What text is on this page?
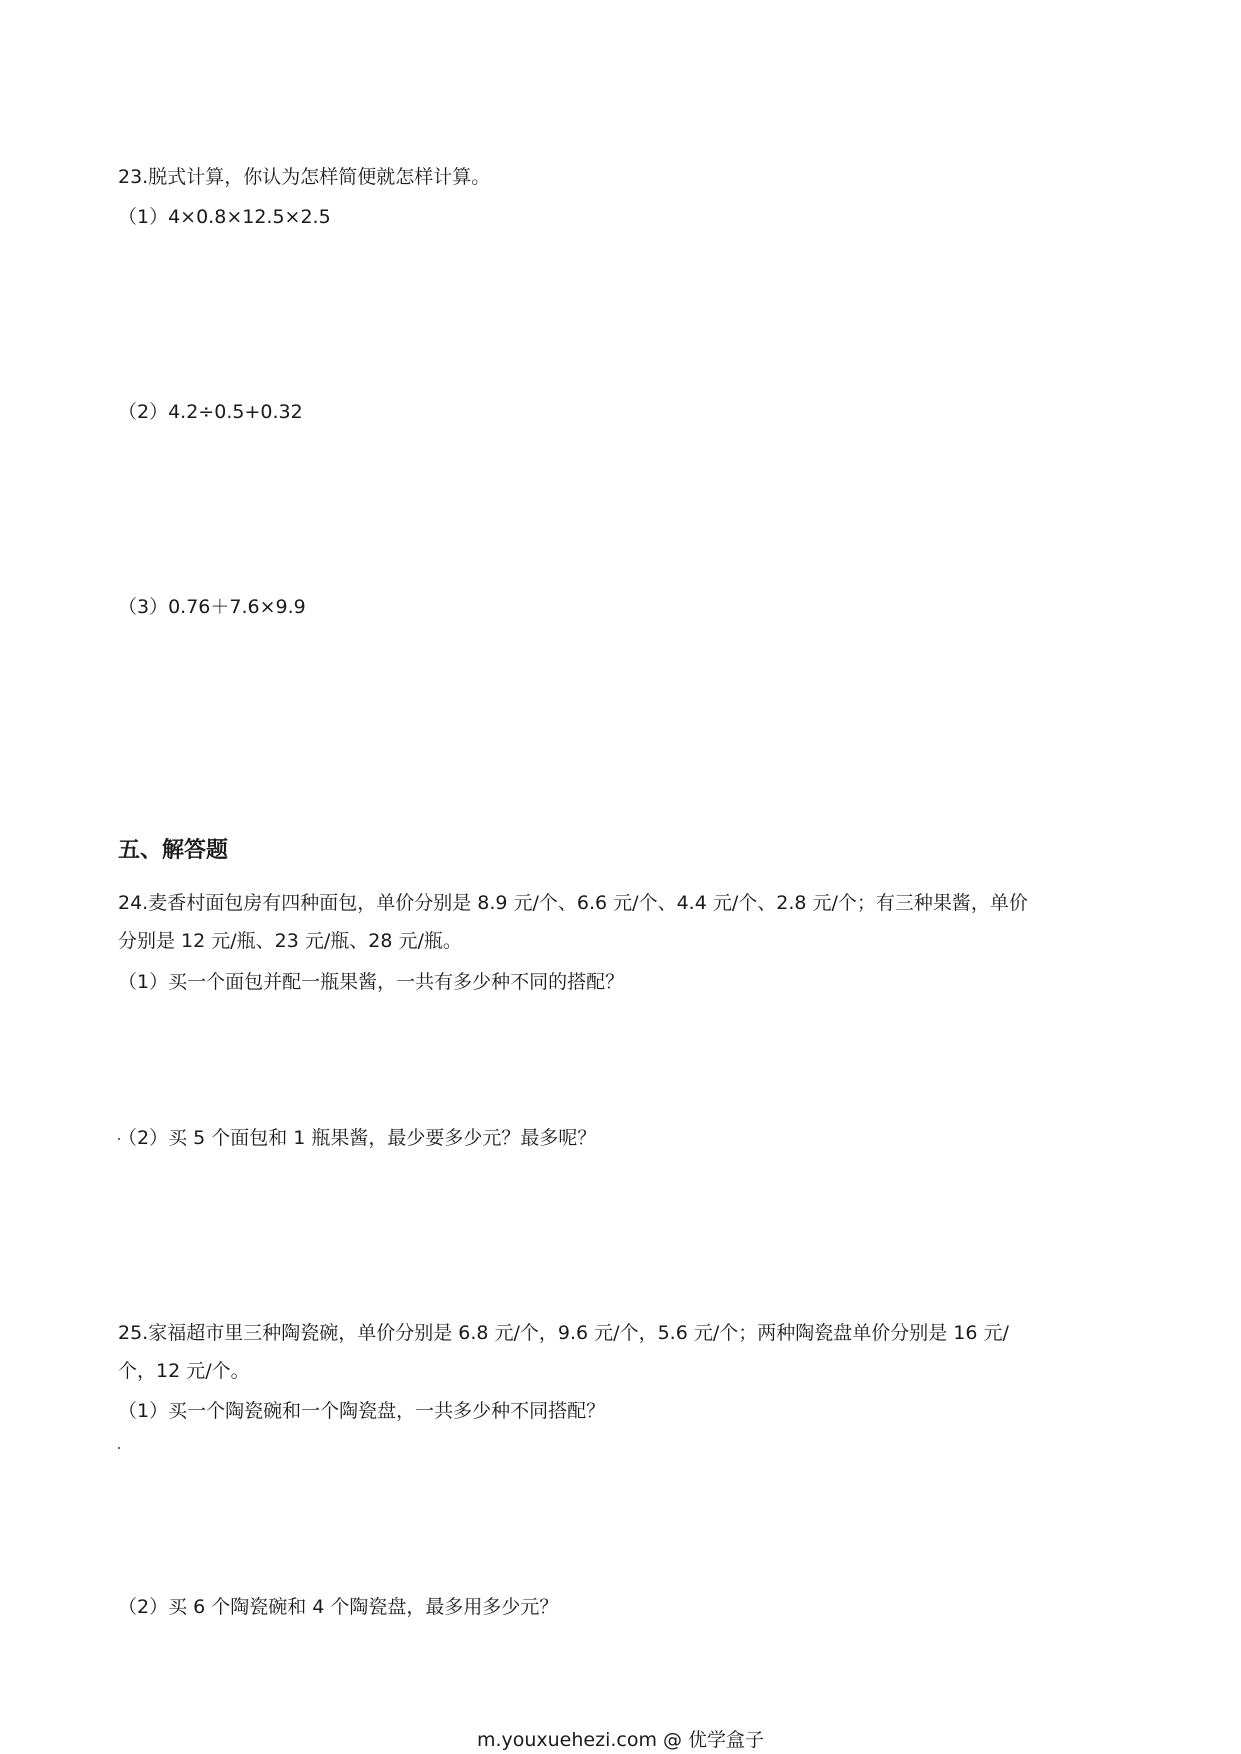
23.脱式计算，你认为怎样简便就怎样计算。
（1）4×0.8×12.5×2.5
（2）4.2÷0.5+0.32
（3）0.76＋7.6×9.9
五、解答题
24.麦香村面包房有四种面包，单价分别是 8.9 元/个、6.6 元/个、4.4 元/个、2.8 元/个；有三种果酱，单价
分别是 12 元/瓶、23 元/瓶、28 元/瓶。
（1）买一个面包并配一瓶果酱，一共有多少种不同的搭配？
（2）买 5 个面包和 1 瓶果酱，最少要多少元？最多呢？
25.家福超市里三种陶瓷碗，单价分别是 6.8 元/个，9.6 元/个，5.6 元/个；两种陶瓷盘单价分别是 16 元/
个，12 元/个。
（1）买一个陶瓷碗和一个陶瓷盘，一共多少种不同搭配？
（2）买 6 个陶瓷碗和 4 个陶瓷盘，最多用多少元？
m.youxuehezi.com @ 优学盒子
